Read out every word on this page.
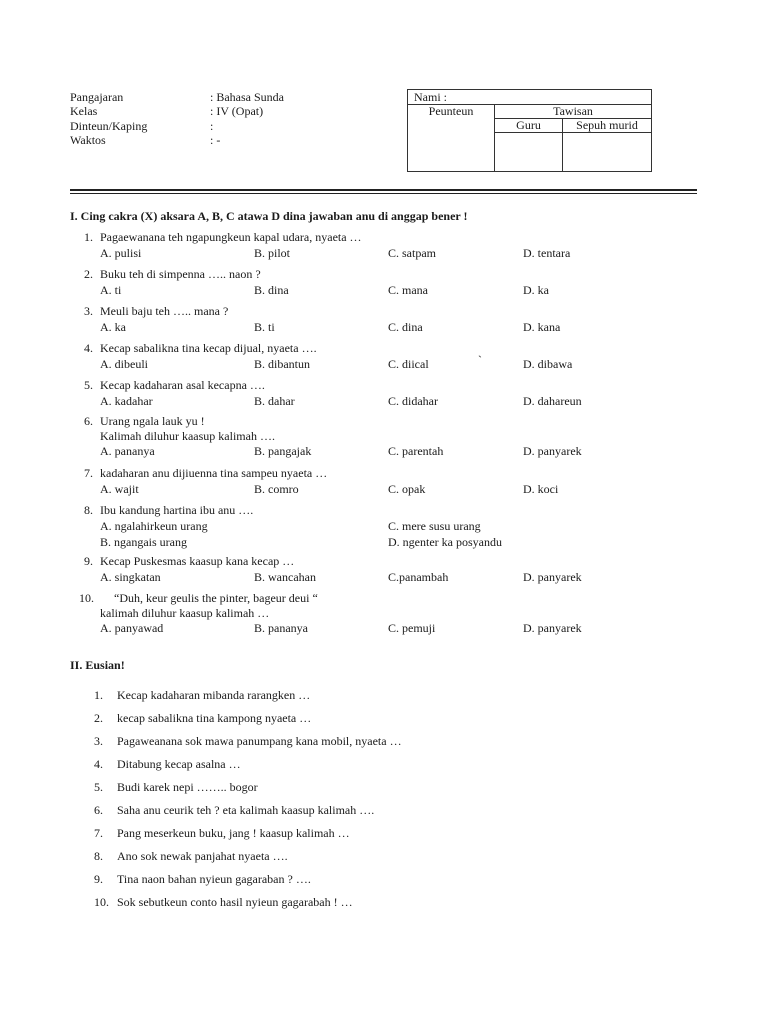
Pangajaran	: Bahasa Sunda
Kelas	: IV (Opat)
Dinteun/Kaping	:
Waktos	: -
Nami :		
Peunteun	Tawisan	
	Guru	Sepuh murid

I. Cing cakra (X) aksara A, B, C atawa D dina jawaban anu di anggap bener !
1. Pagaewanana teh ngapungkeun kapal udara, nyaeta …
A. pulisi	B. pilot	C. satpam	D. tentara
2. Buku teh di simpenna ….. naon ?
A. ti	B. dina	C. mana	D. ka
3. Meuli baju teh ….. mana ?
A. ka	B. ti	C. dina	D. kana
4. Kecap sabalikna tina kecap dijual, nyaeta ….
A. dibeuli	B. dibantun	C. diical	D. dibawa
`
5. Kecap kadaharan asal kecapna ….
A. kadahar	B. dahar	C. didahar	D. dahareun
6. Urang ngala lauk yu !
Kalimah diluhur kaasup kalimah ….
A. pananya	B. pangajak	C. parentah	D. panyarek
7. kadaharan anu dijiuenna tina sampeu nyaeta …
A. wajit	B. comro	C. opak	D. koci
8. Ibu kandung hartina ibu anu ….
A. ngalahirkeun urang	C. mere susu urang
B. ngangais urang	D. ngenter ka posyandu
9. Kecap Puskesmas kaasup kana kecap …
A. singkatan	B. wancahan	C.panambah	D. panyarek
10. “Duh, keur geulis the pinter, bageur deui “
kalimah diluhur kaasup kalimah …
A. panyawad	B. pananya	C. pemuji	D. panyarek
II. Eusian!
1. Kecap kadaharan mibanda rarangken …
2. kecap sabalikna tina kampong nyaeta …
3. Pagaweanana sok mawa panumpang kana mobil, nyaeta …
4. Ditabung kecap asalna …
5. Budi karek nepi …….. bogor
6. Saha anu ceurik teh ? eta kalimah kaasup kalimah ….
7. Pang meserkeun buku, jang ! kaasup kalimah …
8. Ano sok newak panjahat nyaeta ….
9. Tina naon bahan nyieun gagaraban ? ….
10. Sok sebutkeun conto hasil nyieun gagarabah ! …
